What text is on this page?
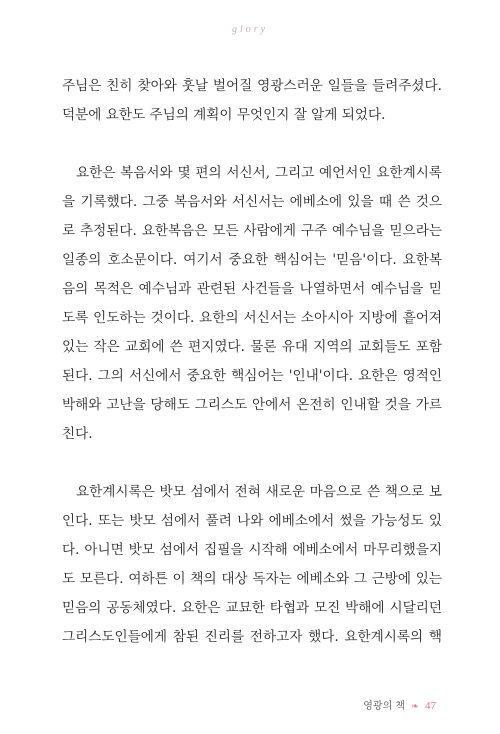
glory
주님은 친히 찾아와 훗날 벌어질 영광스러운 일들을 들려주셨다.
덕분에 요한도 주님의 계획이 무엇인지 잘 알게 되었다.
요한은 복음서와 몇 편의 서신서, 그리고 예언서인 요한계시록
을 기록했다. 그중 복음서와 서신서는 에베소에 있을 때 쓴 것으
로 추정된다. 요한복음은 모든 사람에게 구주 예수님을 믿으라는
일종의 호소문이다. 여기서 중요한 핵심어는 '믿음'이다. 요한복
음의 목적은 예수님과 관련된 사건들을 나열하면서 예수님을 믿
도록 인도하는 것이다. 요한의 서신서는 소아시아 지방에 흩어져
있는 작은 교회에 쓴 편지였다. 물론 유대 지역의 교회들도 포함
된다. 그의 서신에서 중요한 핵심어는 '인내'이다. 요한은 영적인
박해와 고난을 당해도 그리스도 안에서 온전히 인내할 것을 가르
친다.
요한계시록은 밧모 섬에서 전혀 새로운 마음으로 쓴 책으로 보
인다. 또는 밧모 섬에서 풀려 나와 에베소에서 썼을 가능성도 있
다. 아니면 밧모 섬에서 집필을 시작해 에베소에서 마무리했을지
도 모른다. 여하튼 이 책의 대상 독자는 에베소와 그 근방에 있는
믿음의 공동체였다. 요한은 교묘한 타협과 모진 박해에 시달리던
그리스도인들에게 참된 진리를 전하고자 했다. 요한계시록의 핵
영광의 책 ❧ 47
